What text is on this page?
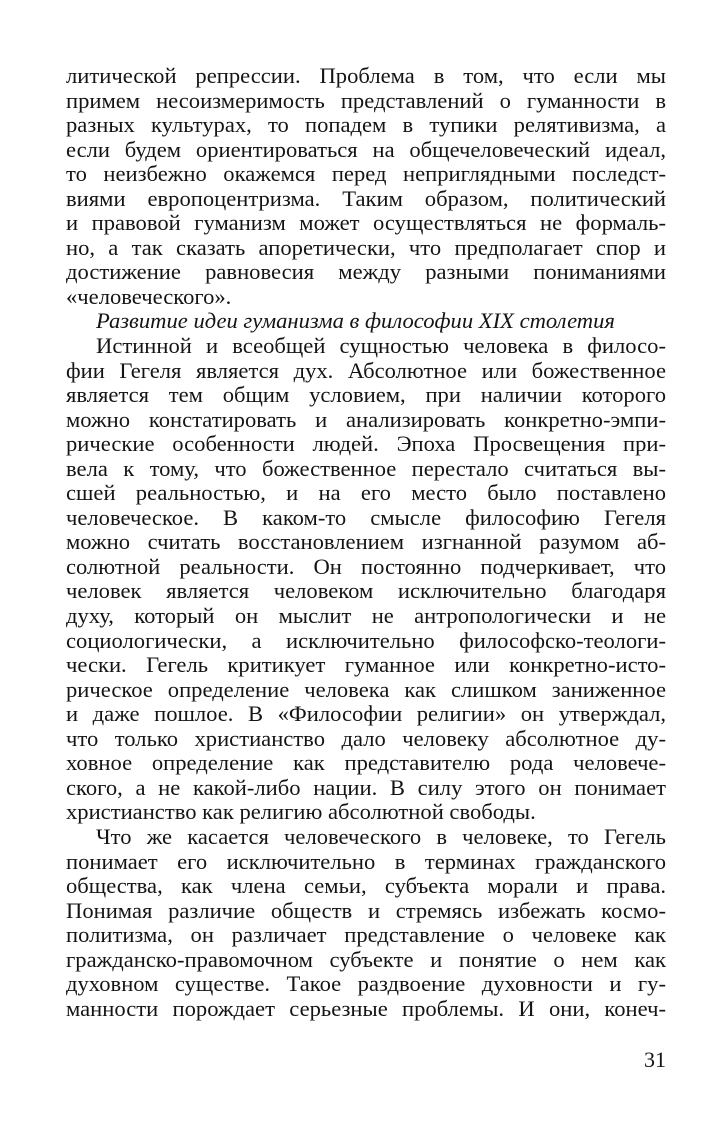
литической репрессии. Проблема в том, что если мы
примем несоизмеримость представлений о гуманности в
разных культурах, то попадем в тупики релятивизма, а
если будем ориентироваться на общечеловеческий идеал,
то неизбежно окажемся перед неприглядными последст-
виями европоцентризма. Таким образом, политический
и правовой гуманизм может осуществляться не формаль-
но, а так сказать апоретически, что предполагает спор и
достижение равновесия между разными пониманиями
«человеческого».
Развитие идеи гуманизма в философии XIX столетия
Истинной и всеобщей сущностью человека в филосо-
фии Гегеля является дух. Абсолютное или божественное
является тем общим условием, при наличии которого
можно констатировать и анализировать конкретно-эмпи-
рические особенности людей. Эпоха Просвещения при-
вела к тому, что божественное перестало считаться вы-
сшей реальностью, и на его место было поставлено
человеческое. В каком-то смысле философию Гегеля
можно считать восстановлением изгнанной разумом аб-
солютной реальности. Он постоянно подчеркивает, что
человек является человеком исключительно благодаря
духу, который он мыслит не антропологически и не
социологически, а исключительно философско-теологи-
чески. Гегель критикует гуманное или конкретно-исто-
рическое определение человека как слишком заниженное
и даже пошлое. В «Философии религии» он утверждал,
что только христианство дало человеку абсолютное ду-
ховное определение как представителю рода человече-
ского, а не какой-либо нации. В силу этого он понимает
христианство как религию абсолютной свободы.
Что же касается человеческого в человеке, то Гегель
понимает его исключительно в терминах гражданского
общества, как члена семьи, субъекта морали и права.
Понимая различие обществ и стремясь избежать космо-
политизма, он различает представление о человеке как
гражданско-правомочном субъекте и понятие о нем как
духовном существе. Такое раздвоение духовности и гу-
манности порождает серьезные проблемы. И они, конеч-
31
